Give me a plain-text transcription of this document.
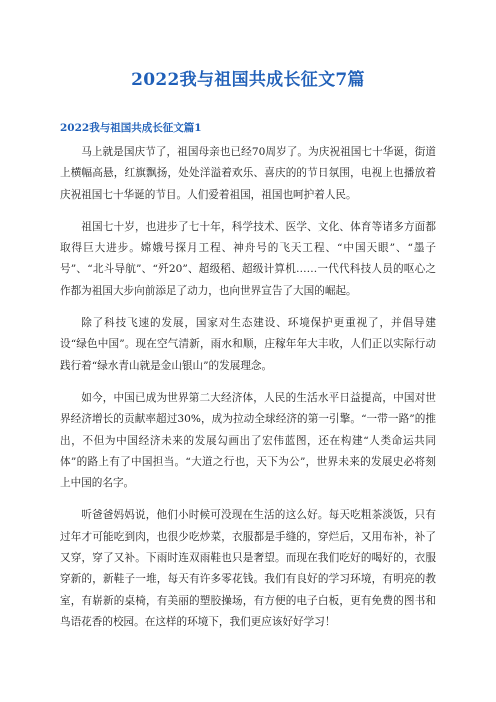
2022我与祖国共成长征文7篇
2022我与祖国共成长征文篇1

马上就是国庆节了，祖国母亲也已经70周岁了。为庆祝祖国七十华诞，街道上横幅高悬，红旗飘扬，处处洋溢着欢乐、喜庆的的节日氛围，电视上也播放着庆祝祖国七十华诞的节目。人们爱着祖国，祖国也呵护着人民。

祖国七十岁，也进步了七十年，科学技术、医学、文化、体育等诸多方面都取得巨大进步。嫦娥号探月工程、神舟号的飞天工程、“中国天眼”、“墨子号”、“北斗导航”、“歼20”、超级稻、超级计算机……一代代科技人员的呕心之作都为祖国大步向前添足了动力，也向世界宣告了大国的崛起。

除了科技飞速的发展，国家对生态建设、环境保护更重视了，并倡导建设“绿色中国”。现在空气清新，雨水和顺，庄稼年年大丰收，人们正以实际行动践行着“绿水青山就是金山银山”的发展理念。

如今，中国已成为世界第二大经济体，人民的生活水平日益提高，中国对世界经济增长的贡献率超过30%，成为拉动全球经济的第一引擎。“一带一路”的推出，不但为中国经济未来的发展勾画出了宏伟蓝图，还在构建“人类命运共同体”的路上有了中国担当。“大道之行也，天下为公”，世界未来的发展史必将刻上中国的名字。

听爸爸妈妈说，他们小时候可没现在生活的这么好。每天吃粗茶淡饭，只有过年才可能吃到肉，也很少吃炒菜，衣服都是手缝的，穿烂后，又用布补，补了又穿，穿了又补。下雨时连双雨鞋也只是奢望。而现在我们吃好的喝好的，衣服穿新的，新鞋子一堆，每天有许多零花钱。我们有良好的学习环境，有明亮的教室，有崭新的桌椅，有美丽的塑胶操场，有方便的电子白板，更有免费的图书和鸟语花香的校园。在这样的环境下，我们更应该好好学习！
